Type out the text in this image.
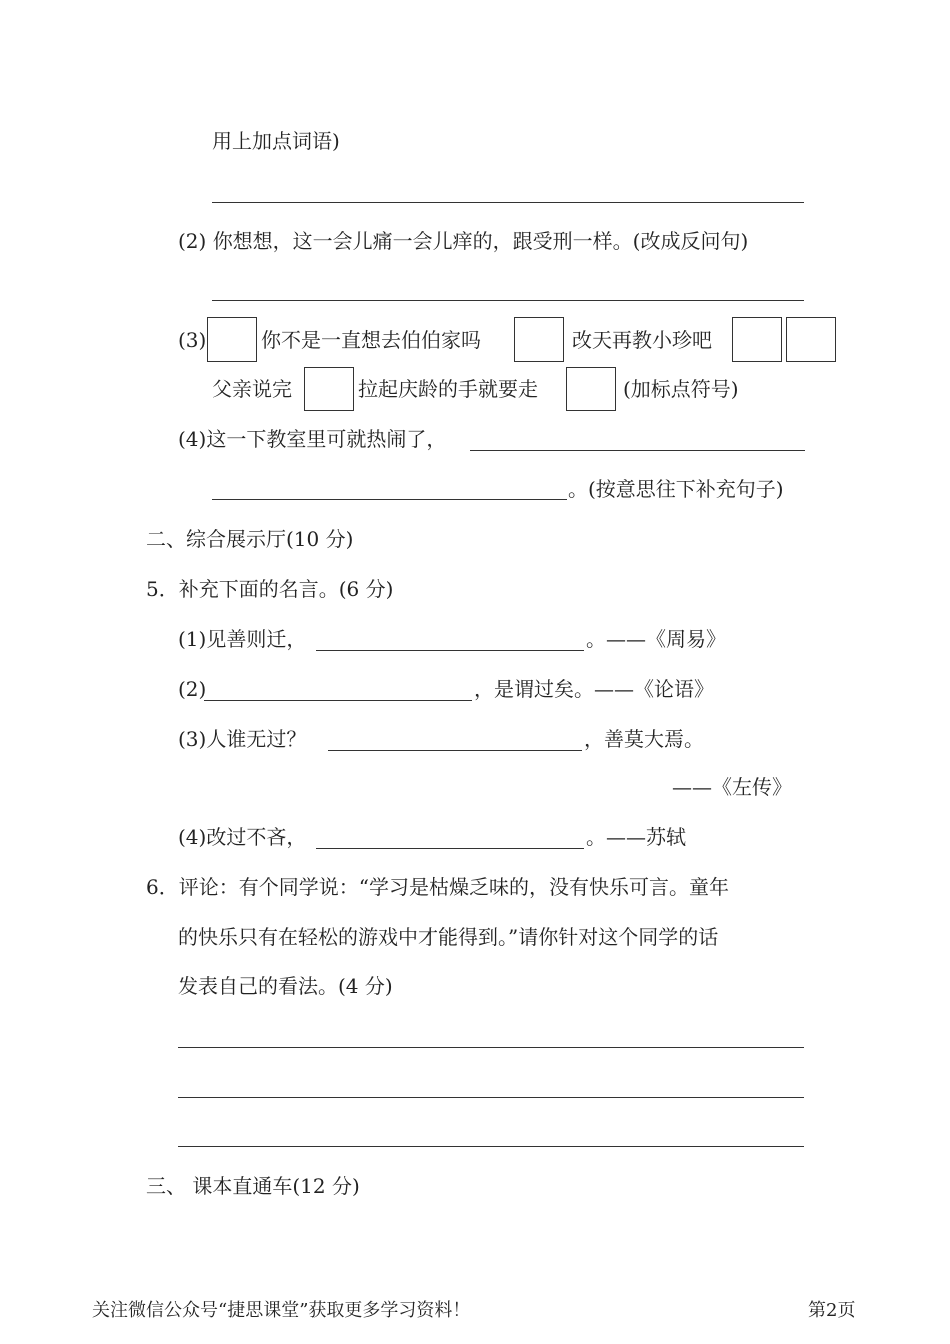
用上加点词语)
(2) 你想想，这一会儿痛一会儿痒的，跟受刑一样。(改成反问句)
(3)	你不是一直想去伯伯家吗	改天再教小珍吧
父亲说完	拉起庆龄的手就要走	(加标点符号)
(4)这一下教室里可就热闹了，
。(按意思往下补充句子)
二、综合展示厅(10 分)
5．补充下面的名言。(6 分)
(1)见善则迁，	。——《周易》
(2)	，是谓过矣。——《论语》
(3)人谁无过？	，善莫大焉。
——《左传》
(4)改过不吝，	。——苏轼
6．评论：有个同学说：“学习是枯燥乏味的，没有快乐可言。童年
的快乐只有在轻松的游戏中才能得到。”请你针对这个同学的话
发表自己的看法。(4 分)
三、 课本直通车(12 分)
关注微信公众号“捷思课堂”获取更多学习资料！	第2页
